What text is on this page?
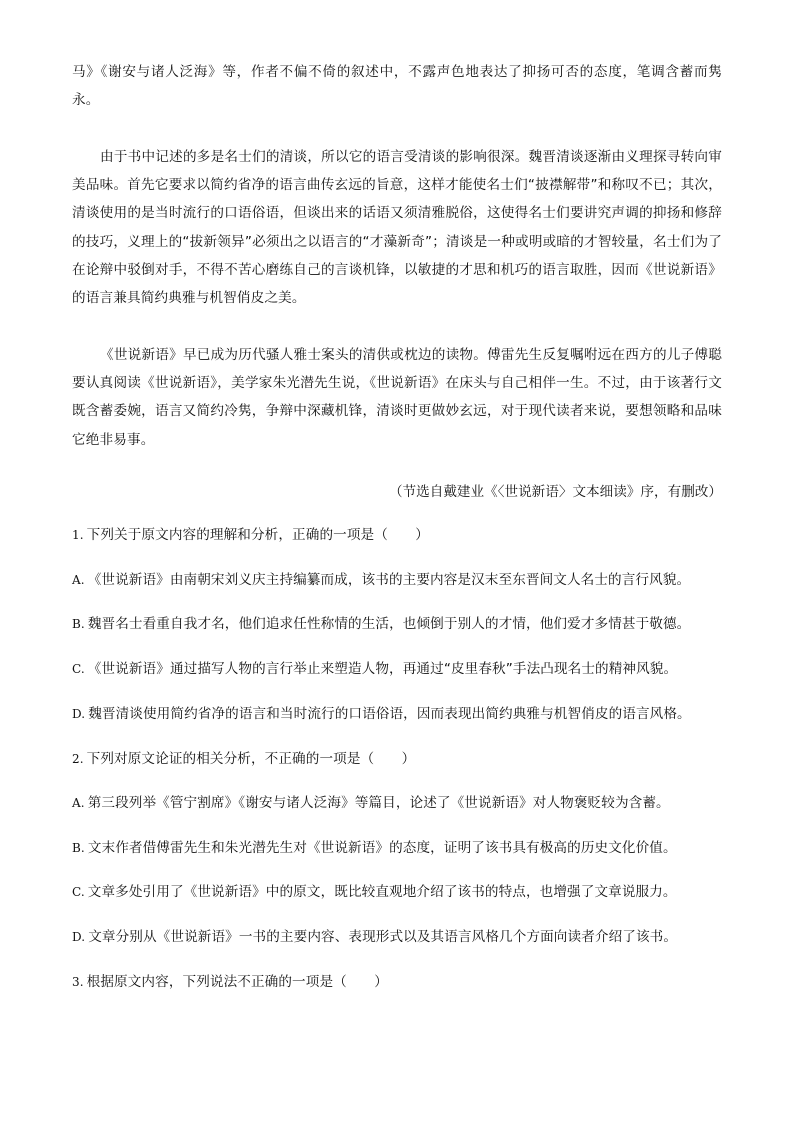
马》《谢安与诸人泛海》等，作者不偏不倚的叙述中，不露声色地表达了抑扬可否的态度，笔调含蓄而隽永。

由于书中记述的多是名士们的清谈，所以它的语言受清谈的影响很深。魏晋清谈逐渐由义理探寻转向审美品味。首先它要求以简约省净的语言曲传玄远的旨意，这样才能使名士们“披襟解带”和称叹不已；其次，清谈使用的是当时流行的口语俗语，但谈出来的话语又须清雅脱俗，这使得名士们要讲究声调的抑扬和修辞的技巧，义理上的“拔新领异”必须出之以语言的“才藻新奇”；清谈是一种或明或暗的才智较量，名士们为了在论辩中驳倒对手，不得不苦心磨练自己的言谈机锋，以敏捷的才思和机巧的语言取胜，因而《世说新语》的语言兼具简约典雅与机智俏皮之美。

《世说新语》早已成为历代骚人雅士案头的清供或枕边的读物。傅雷先生反复嘱咐远在西方的儿子傅聪要认真阅读《世说新语》，美学家朱光潜先生说，《世说新语》在床头与自己相伴一生。不过，由于该著行文既含蓄委婉，语言又简约冷隽，争辩中深藏机锋，清谈时更做妙玄远，对于现代读者来说，要想领略和品味它绝非易事。

（节选自戴建业《〈世说新语〉文本细读》序，有删改）

1. 下列关于原文内容的理解和分析，正确的一项是（　　）
A. 《世说新语》由南朝宋刘义庆主持编纂而成，该书的主要内容是汉末至东晋间文人名士的言行风貌。
B. 魏晋名士看重自我才名，他们追求任性称情的生活，也倾倒于别人的才情，他们爱才多情甚于敬德。
C. 《世说新语》通过描写人物的言行举止来塑造人物，再通过“皮里春秋”手法凸现名士的精神风貌。
D. 魏晋清谈使用简约省净的语言和当时流行的口语俗语，因而表现出简约典雅与机智俏皮的语言风格。
2. 下列对原文论证的相关分析，不正确的一项是（　　）
A. 第三段列举《管宁割席》《谢安与诸人泛海》等篇目，论述了《世说新语》对人物褒贬较为含蓄。
B. 文末作者借傅雷先生和朱光潜先生对《世说新语》的态度，证明了该书具有极高的历史文化价值。
C. 文章多处引用了《世说新语》中的原文，既比较直观地介绍了该书的特点，也增强了文章说服力。
D. 文章分别从《世说新语》一书的主要内容、表现形式以及其语言风格几个方面向读者介绍了该书。
3. 根据原文内容，下列说法不正确的一项是（　　）
